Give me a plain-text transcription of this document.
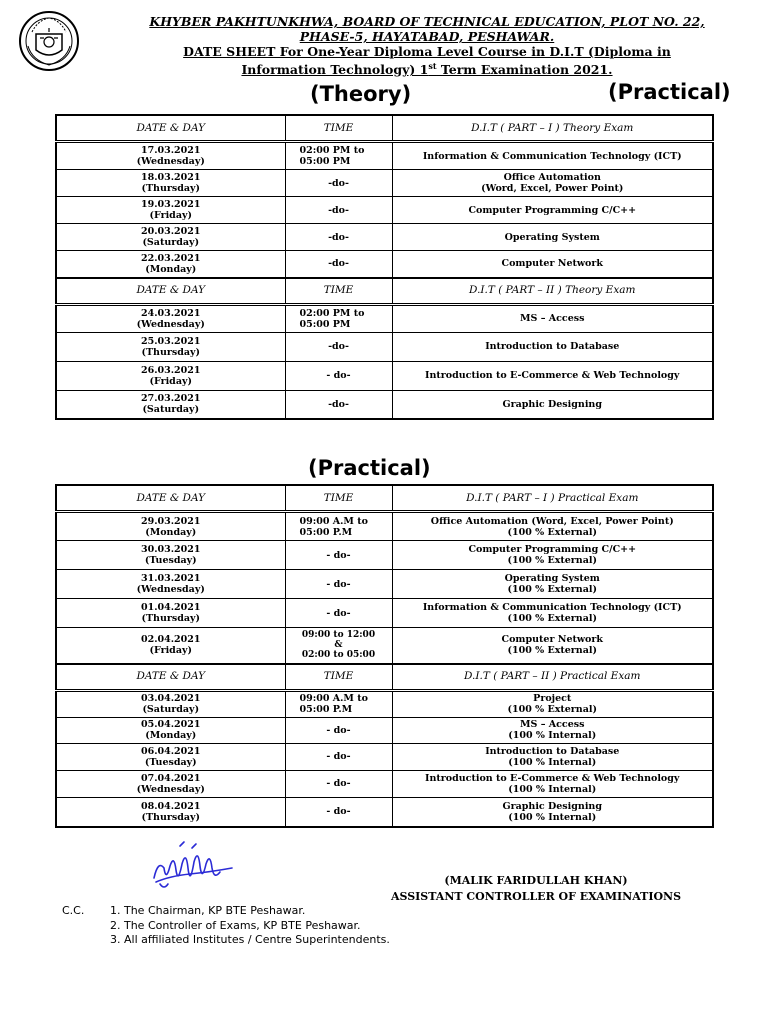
KHYBER PAKHTUNKHWA, BOARD OF TECHNICAL EDUCATION, PLOT NO. 22,
PHASE-5, HAYATABAD, PESHAWAR.
DATE SHEET For One-Year Diploma Level Course in D.I.T (Diploma in
Information Technology) 1st Term Examination 2021.
(Theory)	(Practical)
DATE & DAY	TIME	D.I.T ( PART – I ) Theory Exam
17.03.2021
(Wednesday)	02:00 PM to
05:00 PM	Information & Communication Technology (ICT)
18.03.2021
(Thursday)	-do-	Office Automation
(Word, Excel, Power Point)
19.03.2021
(Friday)	-do-	Computer Programming C/C++
20.03.2021
(Saturday)	-do-	Operating System
22.03.2021
(Monday)	-do-	Computer Network
DATE & DAY	TIME	D.I.T ( PART – II ) Theory Exam
24.03.2021
(Wednesday)	02:00 PM to
05:00 PM	MS – Access
25.03.2021
(Thursday)	-do-	Introduction to Database
26.03.2021
(Friday)	- do-	Introduction to E-Commerce & Web Technology
27.03.2021
(Saturday)	-do-	Graphic Designing
(Practical)
DATE & DAY	TIME	D.I.T ( PART – I ) Practical Exam
29.03.2021
(Monday)	09:00 A.M to
05:00 P.M	Office Automation (Word, Excel, Power Point)
(100 % External)
30.03.2021
(Tuesday)	- do-	Computer Programming C/C++
(100 % External)
31.03.2021
(Wednesday)	- do-	Operating System
(100 % External)
01.04.2021
(Thursday)	- do-	Information & Communication Technology (ICT)
(100 % External)
02.04.2021
(Friday)	09:00 to 12:00
&
02:00 to 05:00	Computer Network
(100 % External)
DATE & DAY	TIME	D.I.T ( PART – II ) Practical Exam
03.04.2021
(Saturday)	09:00 A.M to
05:00 P.M	Project
(100 % External)
05.04.2021
(Monday)	- do-	MS – Access
(100 % Internal)
06.04.2021
(Tuesday)	- do-	Introduction to Database
(100 % Internal)
07.04.2021
(Wednesday)	- do-	Introduction to E-Commerce & Web Technology
(100 % Internal)
08.04.2021
(Thursday)	- do-	Graphic Designing
(100 % Internal)
(MALIK FARIDULLAH KHAN)
ASSISTANT CONTROLLER OF EXAMINATIONS
C.C.	1. The Chairman, KP BTE Peshawar.
2. The Controller of Exams, KP BTE Peshawar.
3. All affiliated Institutes / Centre Superintendents.
